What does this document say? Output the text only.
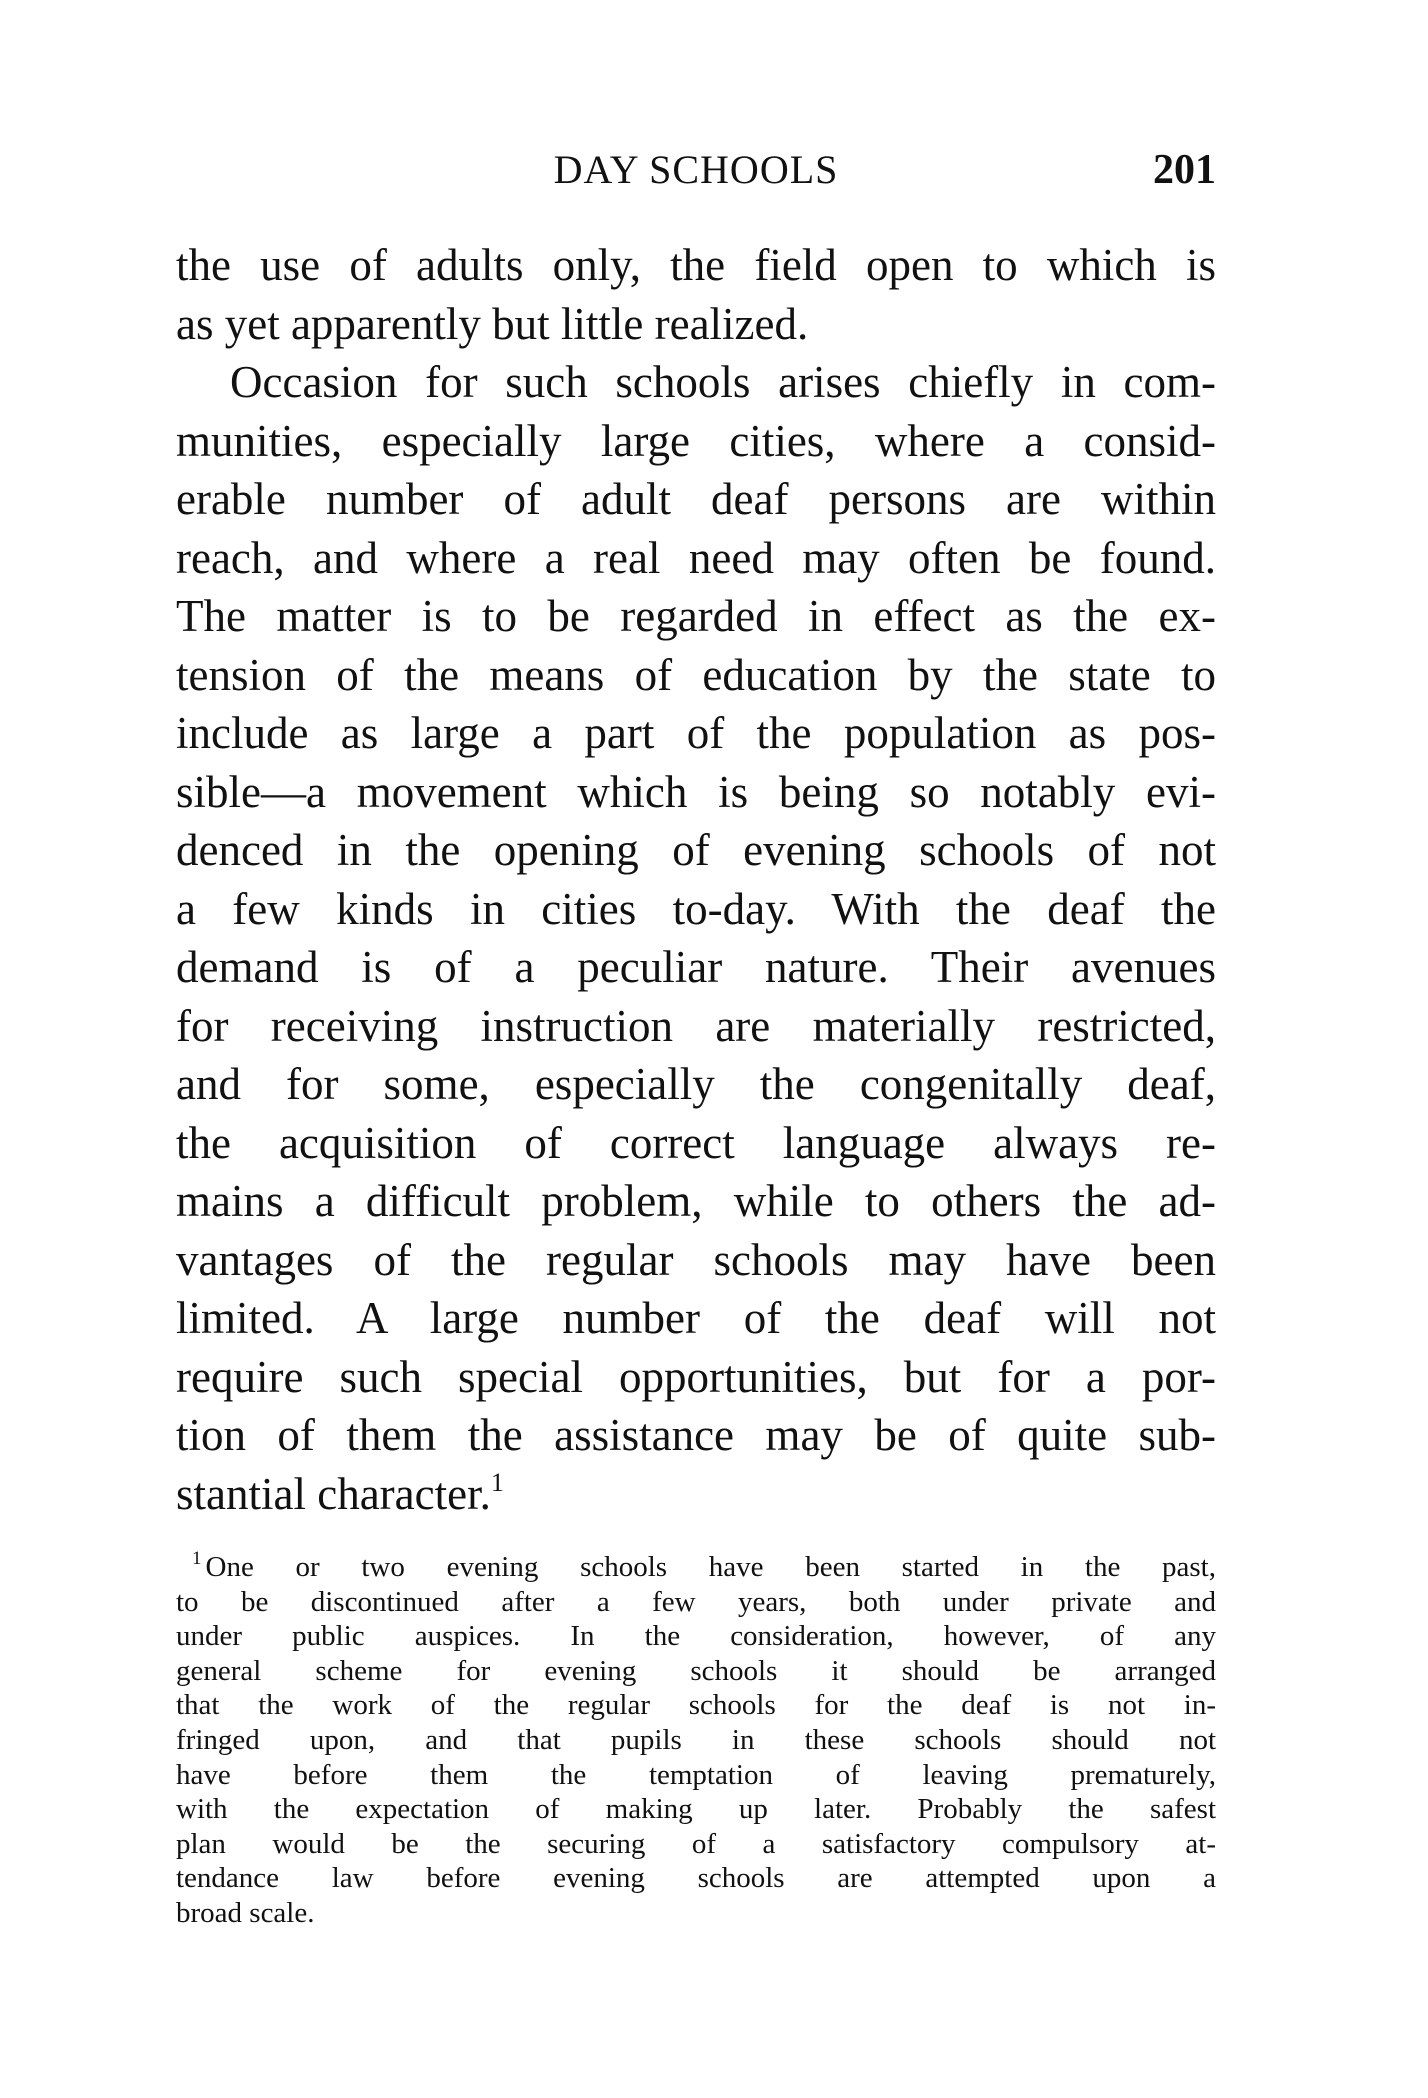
DAY SCHOOLS	201
the use of adults only, the field open to which is
as yet apparently but little realized.
Occasion for such schools arises chiefly in com-
munities, especially large cities, where a consid-
erable number of adult deaf persons are within
reach, and where a real need may often be found.
The matter is to be regarded in effect as the ex-
tension of the means of education by the state to
include as large a part of the population as pos-
sible—a movement which is being so notably evi-
denced in the opening of evening schools of not
a few kinds in cities to-day. With the deaf the
demand is of a peculiar nature. Their avenues
for receiving instruction are materially restricted,
and for some, especially the congenitally deaf,
the acquisition of correct language always re-
mains a difficult problem, while to others the ad-
vantages of the regular schools may have been
limited. A large number of the deaf will not
require such special opportunities, but for a por-
tion of them the assistance may be of quite sub-
stantial character.$^1$
$^1$ One or two evening schools have been started in the past,
to be discontinued after a few years, both under private and
under public auspices. In the consideration, however, of any
general scheme for evening schools it should be arranged
that the work of the regular schools for the deaf is not in-
fringed upon, and that pupils in these schools should not
have before them the temptation of leaving prematurely,
with the expectation of making up later. Probably the safest
plan would be the securing of a satisfactory compulsory at-
tendance law before evening schools are attempted upon a
broad scale.
